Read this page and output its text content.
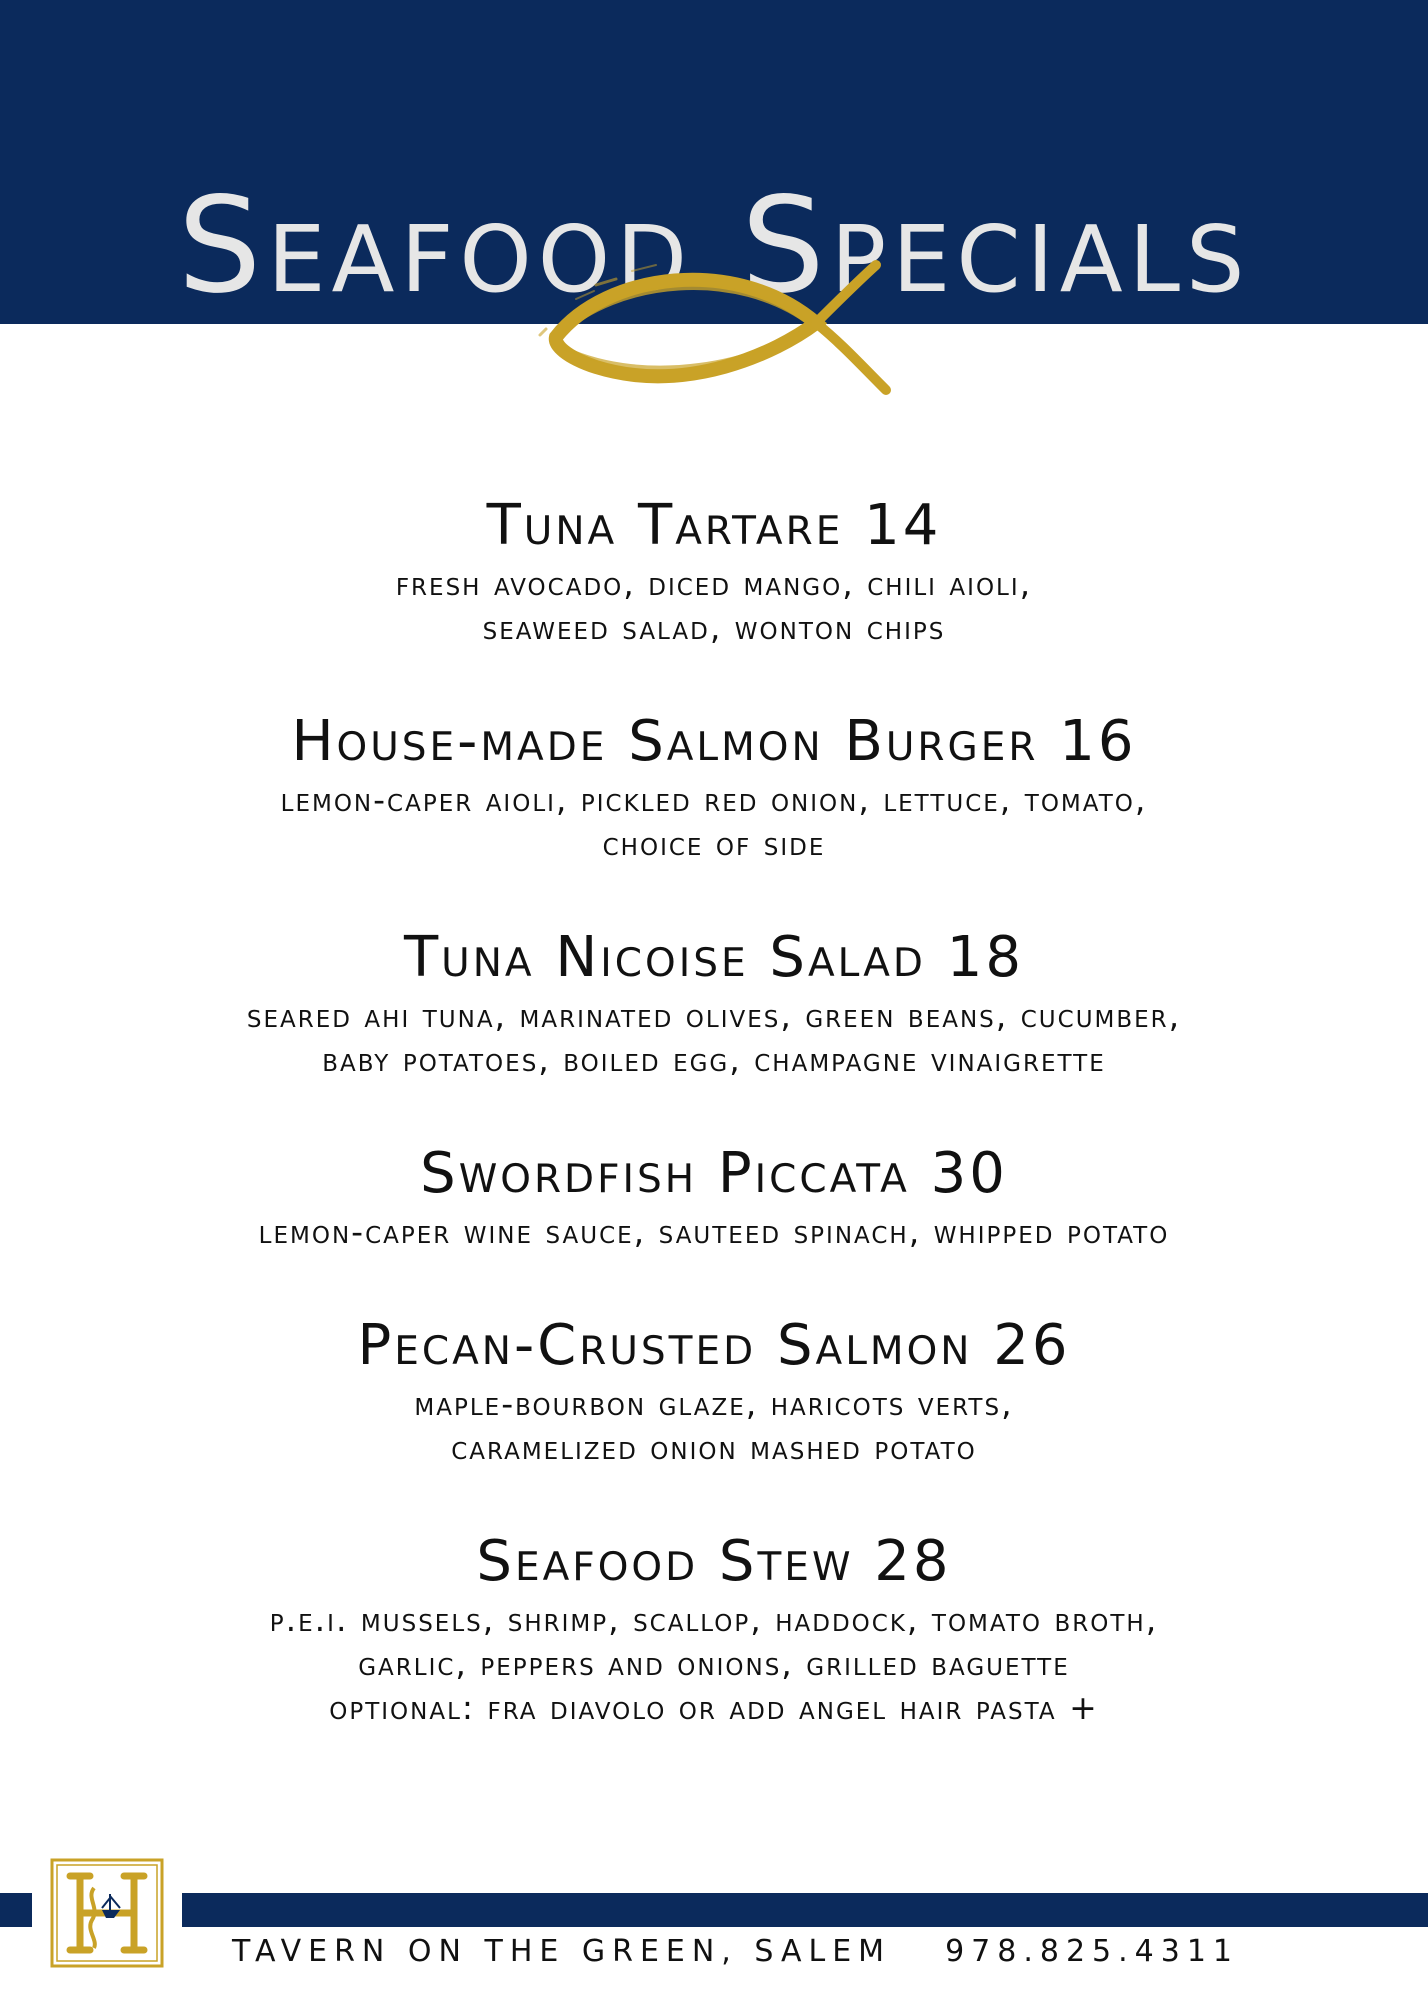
Seafood Specials
Tuna Tartare 14
fresh avocado, diced mango, chili aioli,
seaweed salad, wonton chips
House-made Salmon Burger 16
lemon-caper aioli, pickled red onion, lettuce, tomato,
choice of side
Tuna Nicoise Salad 18
seared ahi tuna, marinated olives, green beans, cucumber,
baby potatoes, boiled egg, champagne vinaigrette
Swordfish Piccata 30
lemon-caper wine sauce, sauteed spinach, whipped potato
Pecan-Crusted Salmon 26
maple-bourbon glaze, haricots verts,
caramelized onion mashed potato
Seafood Stew 28
p.e.i. mussels, shrimp, scallop, haddock, tomato broth,
garlic, peppers and onions, grilled baguette
optional: fra diavolo or add angel hair pasta +
TAVERN ON THE GREEN, SALEM 978.825.4311
